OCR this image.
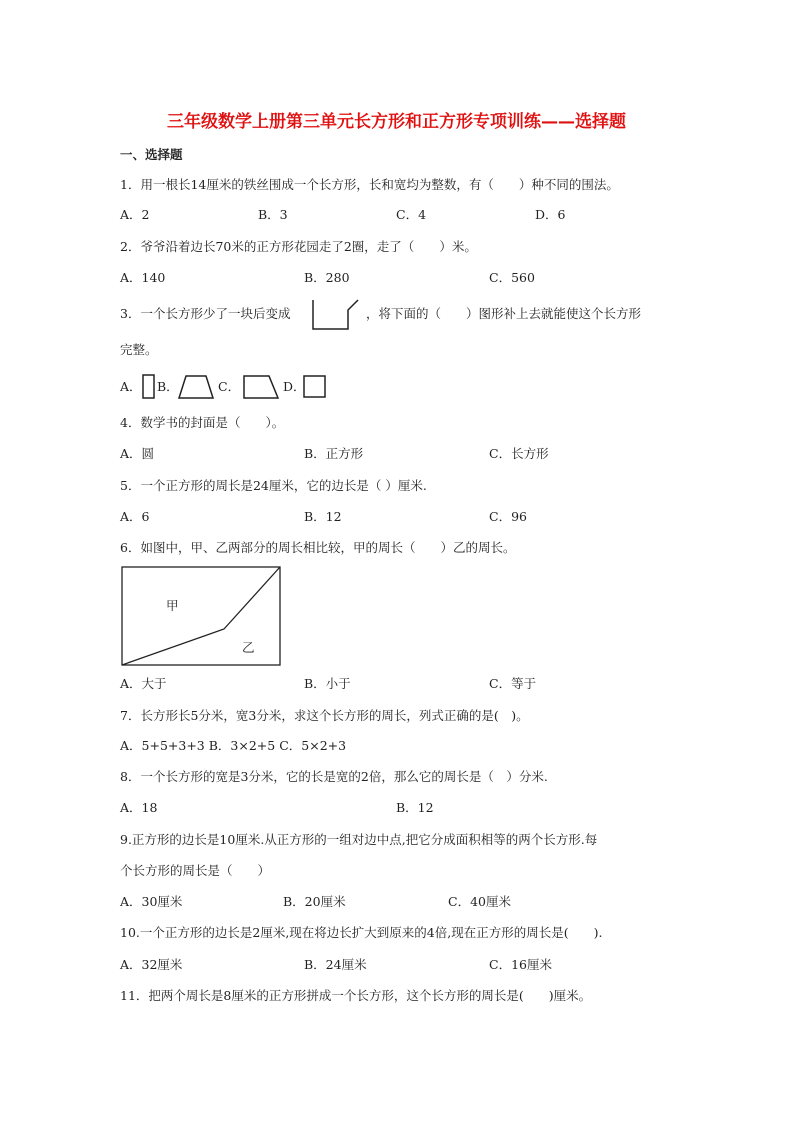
三年级数学上册第三单元长方形和正方形专项训练——选择题
一、选择题
1．用一根长14厘米的铁丝围成一个长方形，长和宽均为整数，有（　　）种不同的围法。
A．2	B．3	C．4	D．6
2．爷爷沿着边长70米的正方形花园走了2圈，走了（　　）米。
A．140	B．280	C．560
3．一个长方形少了一块后变成	，将下面的（　　）图形补上去就能使这个长方形
完整。
A． B．	C．	D．
4．数学书的封面是（　　）。
A．圆	B．正方形	C．长方形
5．一个正方形的周长是24厘米，它的边长是（ ）厘米.
A．6	B．12	C．96
6．如图中，甲、乙两部分的周长相比较，甲的周长（　　）乙的周长。
甲
乙
A．大于	B．小于	C．等于
7．长方形长5分米，宽3分米，求这个长方形的周长，列式正确的是(　)。
A．5+5+3+3 B．3×2+5 C．5×2+3
8．一个长方形的宽是3分米，它的长是宽的2倍，那么它的周长是（　）分米.
A．18	B．12
9.正方形的边长是10厘米.从正方形的一组对边中点,把它分成面积相等的两个长方形.每
个长方形的周长是（　　）
A．30厘米	B．20厘米	C．40厘米
10.一个正方形的边长是2厘米,现在将边长扩大到原来的4倍,现在正方形的周长是(　　).
A．32厘米	B．24厘米	C．16厘米
11．把两个周长是8厘米的正方形拼成一个长方形，这个长方形的周长是(　　)厘米。
